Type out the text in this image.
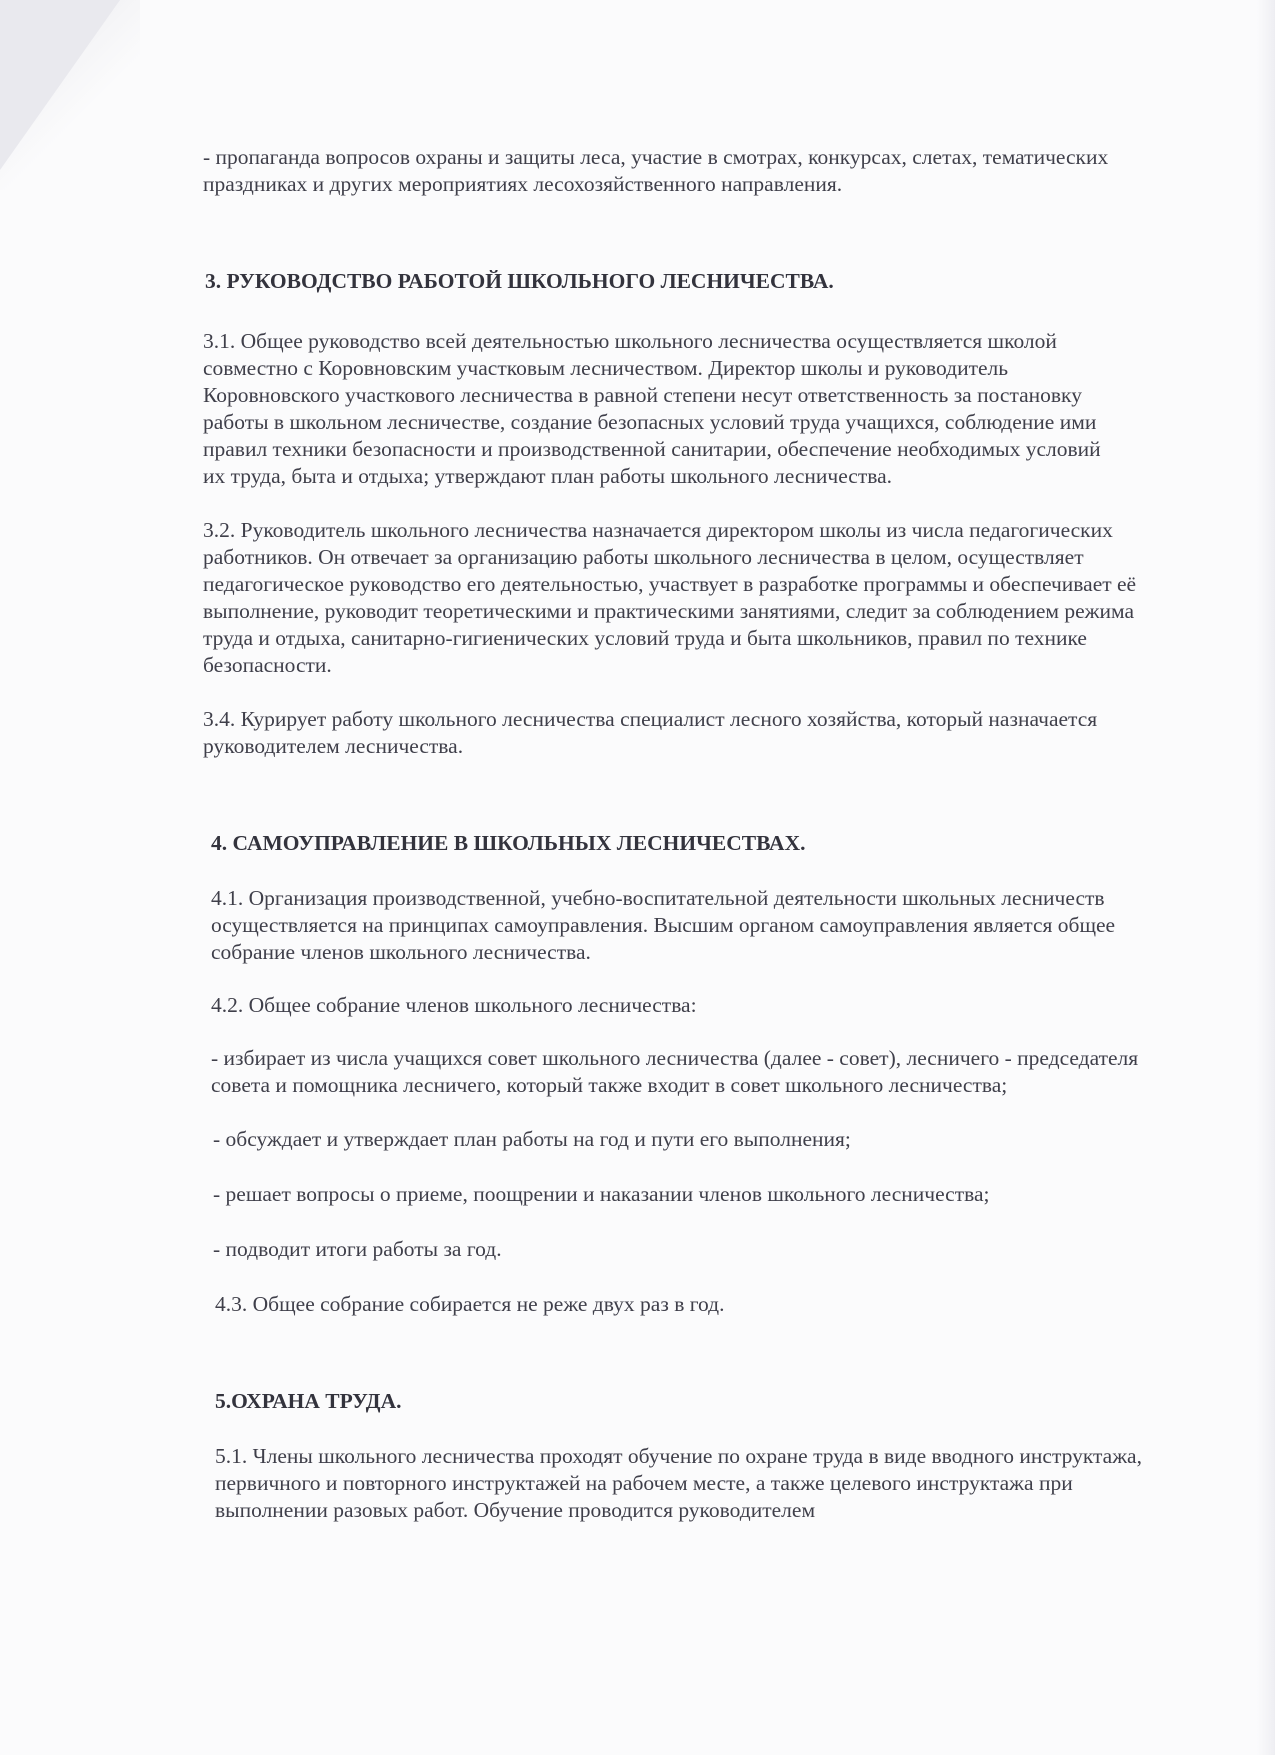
- пропаганда вопросов охраны и защиты леса, участие в смотрах, конкурсах, слетах, тематических праздниках и других мероприятиях лесохозяйственного направления.

3. РУКОВОДСТВО РАБОТОЙ ШКОЛЬНОГО ЛЕСНИЧЕСТВА.

3.1. Общее руководство всей деятельностью школьного лесничества осуществляется школой совместно с Коровновским участковым лесничеством. Директор школы и руководитель Коровновского участкового лесничества в равной степени несут ответственность за постановку работы в школьном лесничестве, создание безопасных условий труда учащихся, соблюдение ими правил техники безопасности и производственной санитарии, обеспечение необходимых условий их труда, быта и отдыха; утверждают план работы школьного лесничества.

3.2. Руководитель школьного лесничества назначается директором школы из числа педагогических работников. Он отвечает за организацию работы школьного лесничества в целом, осуществляет педагогическое руководство его деятельностью, участвует в разработке программы и обеспечивает её выполнение, руководит теоретическими и практическими занятиями, следит за соблюдением режима труда и отдыха, санитарно-гигиенических условий труда и быта школьников, правил по технике безопасности.

3.4. Курирует работу школьного лесничества специалист лесного хозяйства, который назначается руководителем лесничества.

4. САМОУПРАВЛЕНИЕ В ШКОЛЬНЫХ ЛЕСНИЧЕСТВАХ.

4.1. Организация производственной, учебно-воспитательной деятельности школьных лесничеств осуществляется на принципах самоуправления. Высшим органом самоуправления является общее собрание членов школьного лесничества.

4.2. Общее собрание членов школьного лесничества:

- избирает из числа учащихся совет школьного лесничества (далее - совет), лесничего - председателя совета и помощника лесничего, который также входит в совет школьного лесничества;

- обсуждает и утверждает план работы на год и пути его выполнения;

- решает вопросы о приеме, поощрении и наказании членов школьного лесничества;

- подводит итоги работы за год.

4.3. Общее собрание собирается не реже двух раз в год.

5.ОХРАНА ТРУДА.

5.1. Члены школьного лесничества проходят обучение по охране труда в виде вводного инструктажа, первичного и повторного инструктажей на рабочем месте, а также целевого инструктажа при выполнении разовых работ. Обучение проводится руководителем
